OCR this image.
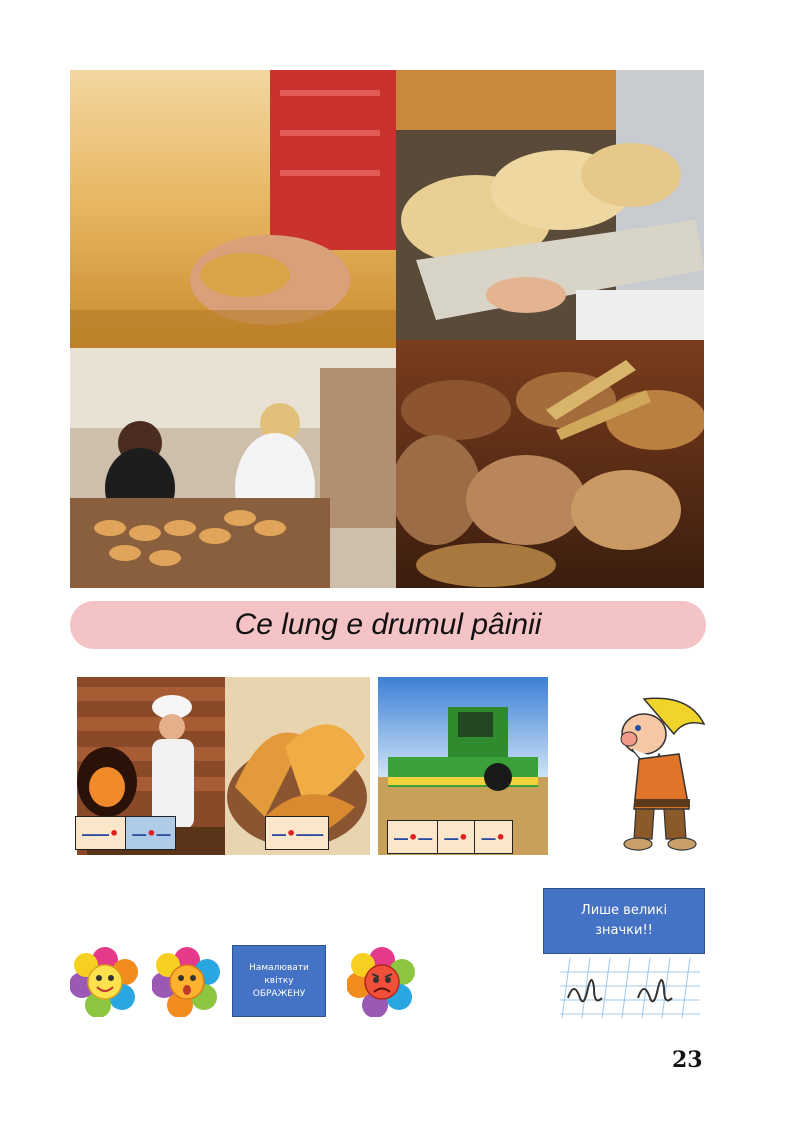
Ce lung e drumul pâinii
――• ―•―	―•――	―•― ―• ―•
Лише великі значки!!
Намалювати квітку ОБРАЖЕНУ
23
